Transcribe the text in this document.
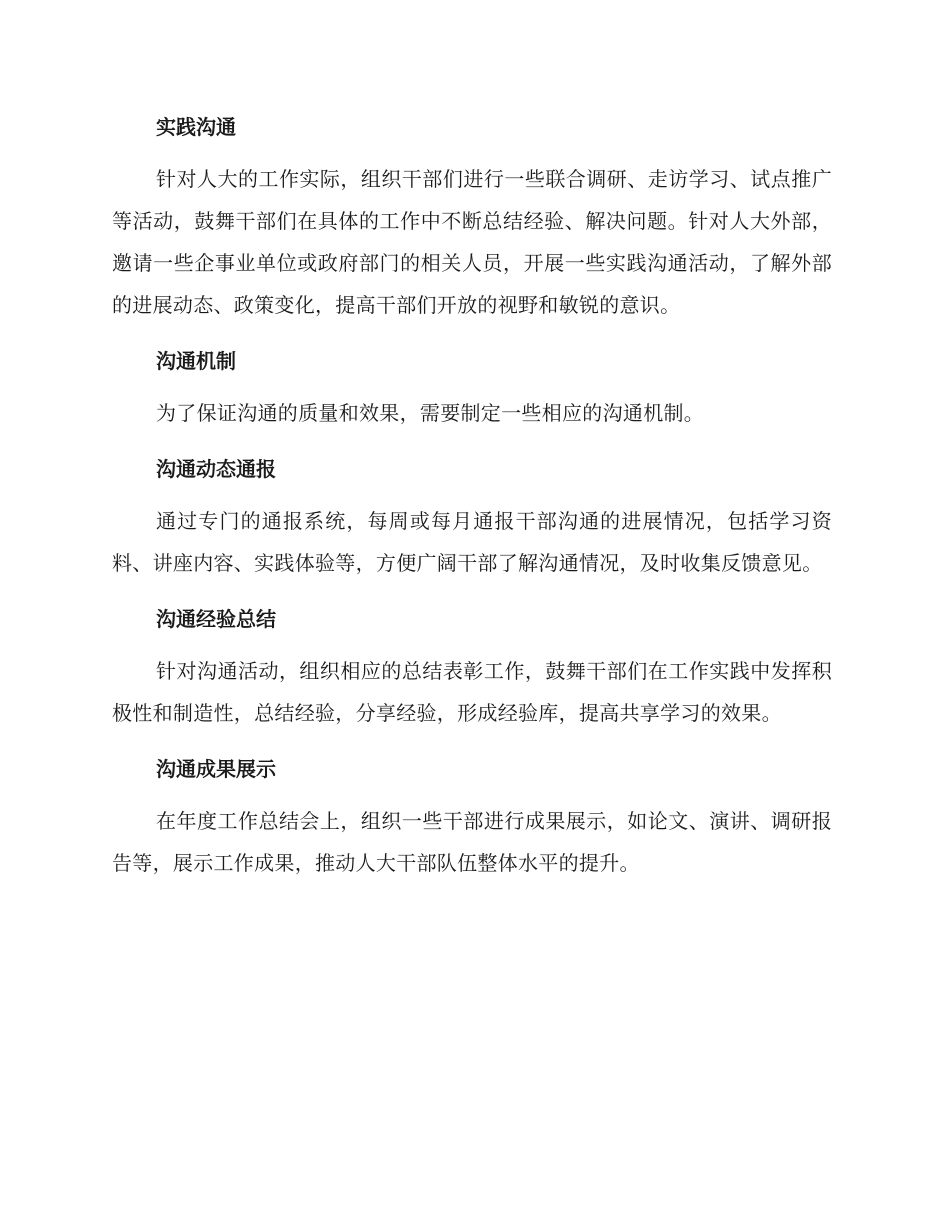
实践沟通

针对人大的工作实际，组织干部们进行一些联合调研、走访学习、试点推广等活动，鼓舞干部们在具体的工作中不断总结经验、解决问题。针对人大外部，邀请一些企事业单位或政府部门的相关人员，开展一些实践沟通活动，了解外部的进展动态、政策变化，提高干部们开放的视野和敏锐的意识。

沟通机制

为了保证沟通的质量和效果，需要制定一些相应的沟通机制。

沟通动态通报

通过专门的通报系统，每周或每月通报干部沟通的进展情况，包括学习资料、讲座内容、实践体验等，方便广阔干部了解沟通情况，及时收集反馈意见。

沟通经验总结

针对沟通活动，组织相应的总结表彰工作，鼓舞干部们在工作实践中发挥积极性和制造性，总结经验，分享经验，形成经验库，提高共享学习的效果。

沟通成果展示

在年度工作总结会上，组织一些干部进行成果展示，如论文、演讲、调研报告等，展示工作成果，推动人大干部队伍整体水平的提升。
